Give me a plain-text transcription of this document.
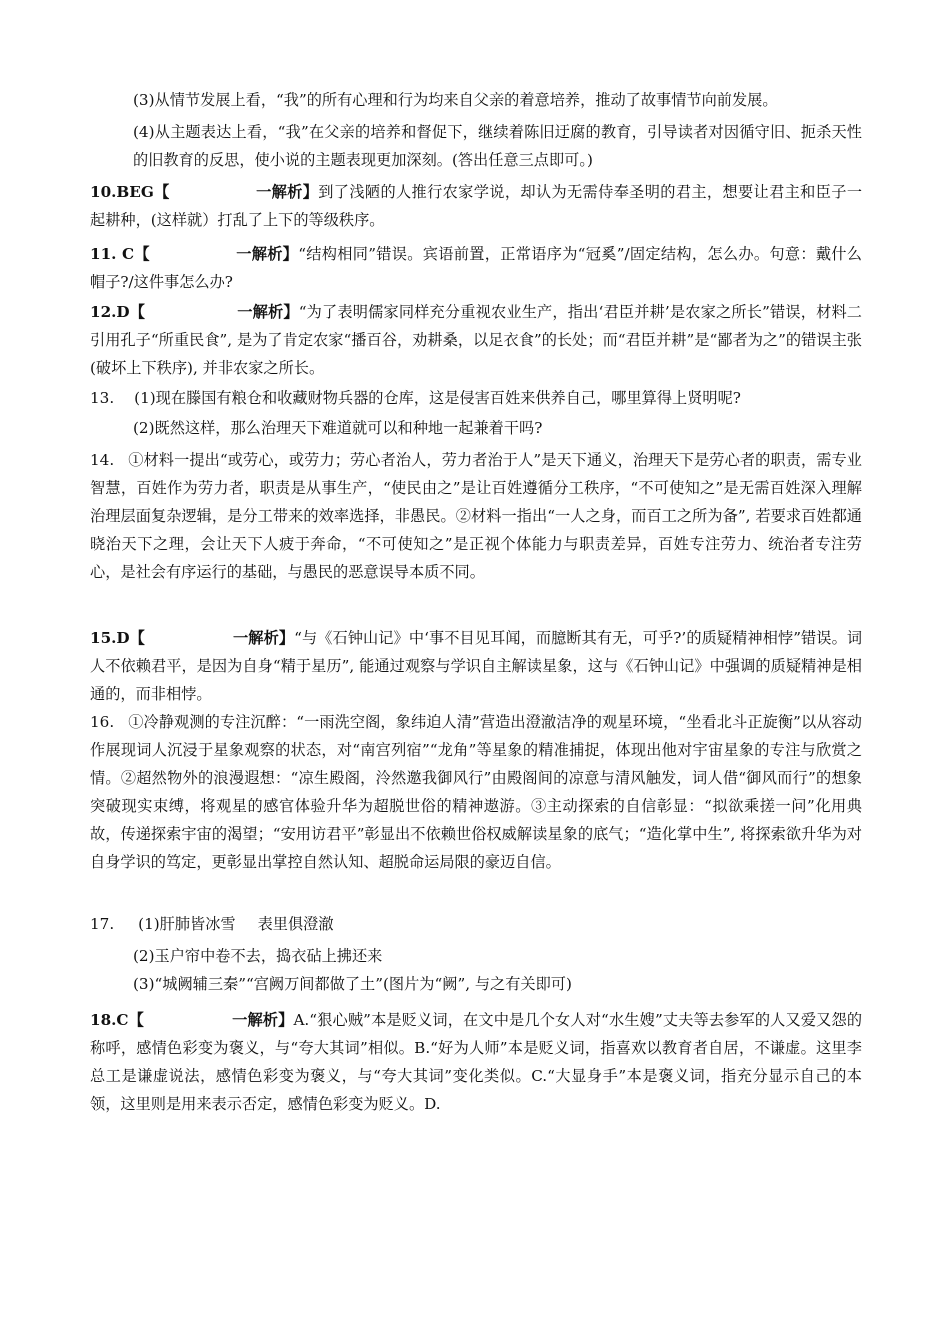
(3)从情节发展上看，“我”的所有心理和行为均来自父亲的着意培养，推动了故事情节向前发展。
(4)从主题表达上看，“我”在父亲的培养和督促下，继续着陈旧迂腐的教育，引导读者对因循守旧、扼杀天性的旧教育的反思，使小说的主题表现更加深刻。(答出任意三点即可。)
10.BEG【	一解析】到了浅陋的人推行农家学说，却认为无需侍奉圣明的君主，想要让君主和臣子一起耕种，(这样就）打乱了上下的等级秩序。
11. C【	一解析】“结构相同”错误。宾语前置，正常语序为“冠奚”/固定结构，怎么办。句意：戴什么帽子?/这件事怎么办?
12.D【	一解析】“为了表明儒家同样充分重视农业生产，指出‘君臣并耕’是农家之所长”错误，材料二引用孔子“所重民食”, 是为了肯定农家“播百谷，劝耕桑，以足衣食”的长处；而“君臣并耕”是“鄙者为之”的错误主张(破坏上下秩序), 并非农家之所长。
13. (1)现在滕国有粮仓和收藏财物兵器的仓库，这是侵害百姓来供养自己，哪里算得上贤明呢?
(2)既然这样，那么治理天下难道就可以和种地一起兼着干吗?
14. ①材料一提出“或劳心，或劳力；劳心者治人，劳力者治于人”是天下通义，治理天下是劳心者的职责，需专业智慧，百姓作为劳力者，职责是从事生产，“使民由之”是让百姓遵循分工秩序，“不可使知之”是无需百姓深入理解治理层面复杂逻辑，是分工带来的效率选择，非愚民。②材料一指出“一人之身，而百工之所为备”, 若要求百姓都通晓治天下之理，会让天下人疲于奔命，“不可使知之”是正视个体能力与职责差异，百姓专注劳力、统治者专注劳心，是社会有序运行的基础，与愚民的恶意误导本质不同。
15.D【	一解析】“与《石钟山记》中‘事不目见耳闻，而臆断其有无，可乎?’的质疑精神相悖”错误。词人不依赖君平，是因为自身“精于星历”, 能通过观察与学识自主解读星象，这与《石钟山记》中强调的质疑精神是相通的，而非相悖。
16. ①冷静观测的专注沉醉：“一雨洗空阁，象纬迫人清”营造出澄澈洁净的观星环境，“坐看北斗正旋衡”以从容动作展现词人沉浸于星象观察的状态，对“南宫列宿”“龙角”等星象的精准捕捉，体现出他对宇宙星象的专注与欣赏之情。②超然物外的浪漫遐想：“凉生殿阁，泠然邀我御风行”由殿阁间的凉意与清风触发，词人借“御风而行”的想象突破现实束缚，将观星的感官体验升华为超脱世俗的精神遨游。③主动探索的自信彰显：“拟欲乘搓一问”化用典故，传递探索宇宙的渴望；“安用访君平”彰显出不依赖世俗权威解读星象的底气；“造化掌中生”, 将探索欲升华为对自身学识的笃定，更彰显出掌控自然认知、超脱命运局限的豪迈自信。
17. (1)肝肺皆冰雪 表里俱澄澈
(2)玉户帘中卷不去，捣衣砧上拂还来
(3)“城阙辅三秦”“宫阙万间都做了土”(图片为“阙”, 与之有关即可)
18.C【	一解析】A.“狠心贼”本是贬义词，在文中是几个女人对“水生嫂”丈夫等去参军的人又爱又怨的称呼，感情色彩变为褒义，与“夸大其词”相似。B.“好为人师”本是贬义词，指喜欢以教育者自居，不谦虚。这里李总工是谦虚说法，感情色彩变为褒义，与“夸大其词”变化类似。C.“大显身手”本是褒义词，指充分显示自己的本领，这里则是用来表示否定，感情色彩变为贬义。D.
